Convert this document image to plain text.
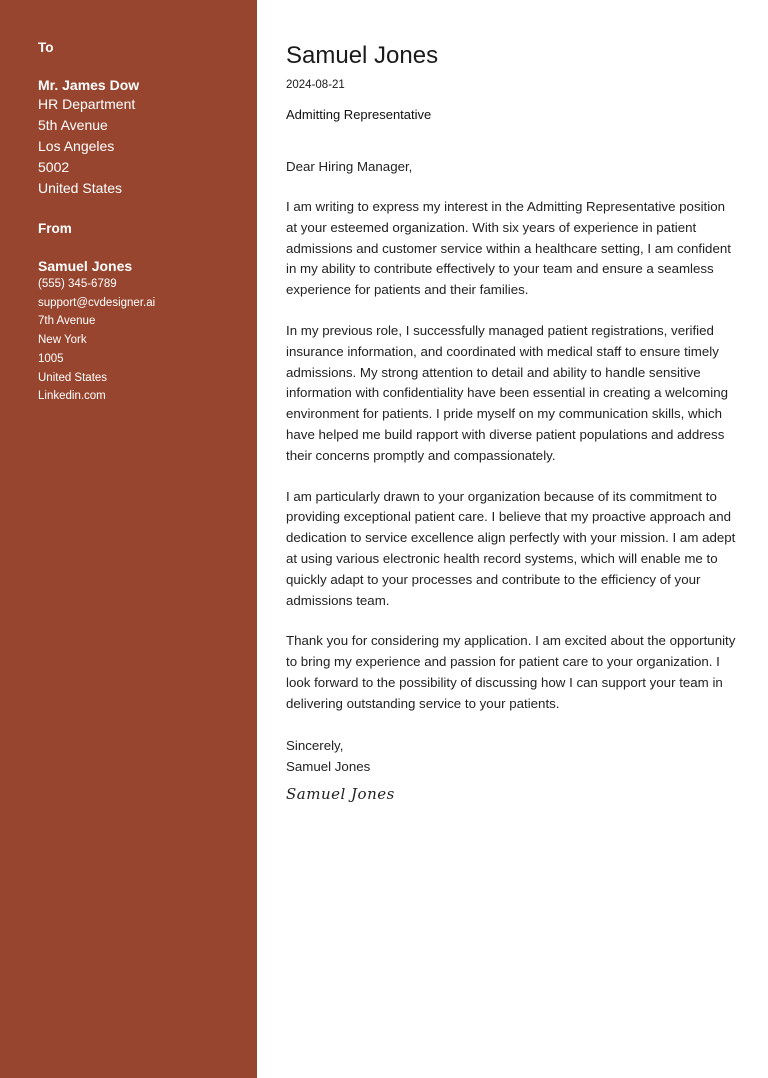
To
Mr. James Dow
HR Department
5th Avenue
Los Angeles
5002
United States
From
Samuel Jones
(555) 345-6789
support@cvdesigner.ai
7th Avenue
New York
1005
United States
Linkedin.com
Samuel Jones
2024-08-21
Admitting Representative
Dear Hiring Manager,

I am writing to express my interest in the Admitting Representative position at your esteemed organization. With six years of experience in patient admissions and customer service within a healthcare setting, I am confident in my ability to contribute effectively to your team and ensure a seamless experience for patients and their families.

In my previous role, I successfully managed patient registrations, verified insurance information, and coordinated with medical staff to ensure timely admissions. My strong attention to detail and ability to handle sensitive information with confidentiality have been essential in creating a welcoming environment for patients. I pride myself on my communication skills, which have helped me build rapport with diverse patient populations and address their concerns promptly and compassionately.

I am particularly drawn to your organization because of its commitment to providing exceptional patient care. I believe that my proactive approach and dedication to service excellence align perfectly with your mission. I am adept at using various electronic health record systems, which will enable me to quickly adapt to your processes and contribute to the efficiency of your admissions team.

Thank you for considering my application. I am excited about the opportunity to bring my experience and passion for patient care to your organization. I look forward to the possibility of discussing how I can support your team in delivering outstanding service to your patients.

Sincerely,
Samuel Jones
Samuel Jones
